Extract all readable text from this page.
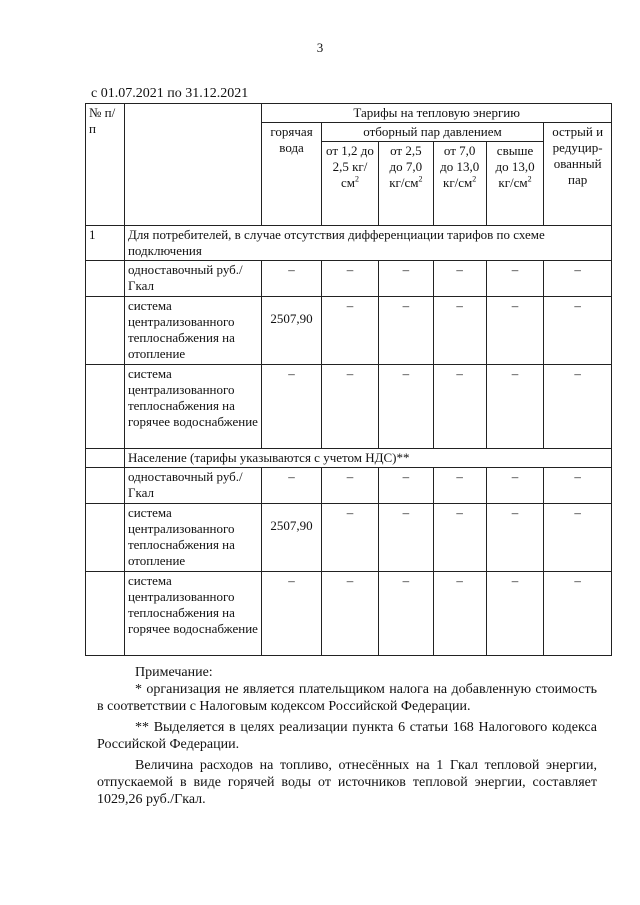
3
с 01.07.2021 по 31.12.2021
№ п/п		Тарифы на тепловую энергию					
		горячая вода	отборный пар давлением				острый и редуцир-ованный пар
			от 1,2 до 2,5 $кг/см^2$	от 2,5 до 7,0 $кг/см^2$	от 7,0 до 13,0 $кг/см^2$	свыше до 13,0 $кг/см^2$
1	Для потребителей, в случае отсутствия дифференциации тарифов по схеме подключения						
	одноставочный руб./Гкал	–	–	–	–	–	–
	система централизованного теплоснабжения на отопление	2507,90	–	–	–	–	–
	система централизованного теплоснабжения на горячее водоснабжение	–	–	–	–	–	–
	Население (тарифы указываются с учетом НДС)**						
	одноставочный руб./Гкал	–	–	–	–	–	–
	система централизованного теплоснабжения на отопление	2507,90	–	–	–	–	–
	система централизованного теплоснабжения на горячее водоснабжение	–	–	–	–	–	–

Примечание:

* организация не является плательщиком налога на добавленную стоимость в соответствии с Налоговым кодексом Российской Федерации.

** Выделяется в целях реализации пункта 6 статьи 168 Налогового кодекса Российской Федерации.

Величина расходов на топливо, отнесённых на 1 Гкал тепловой энергии, отпускаемой в виде горячей воды от источников тепловой энергии, составляет 1029,26 руб./Гкал.
